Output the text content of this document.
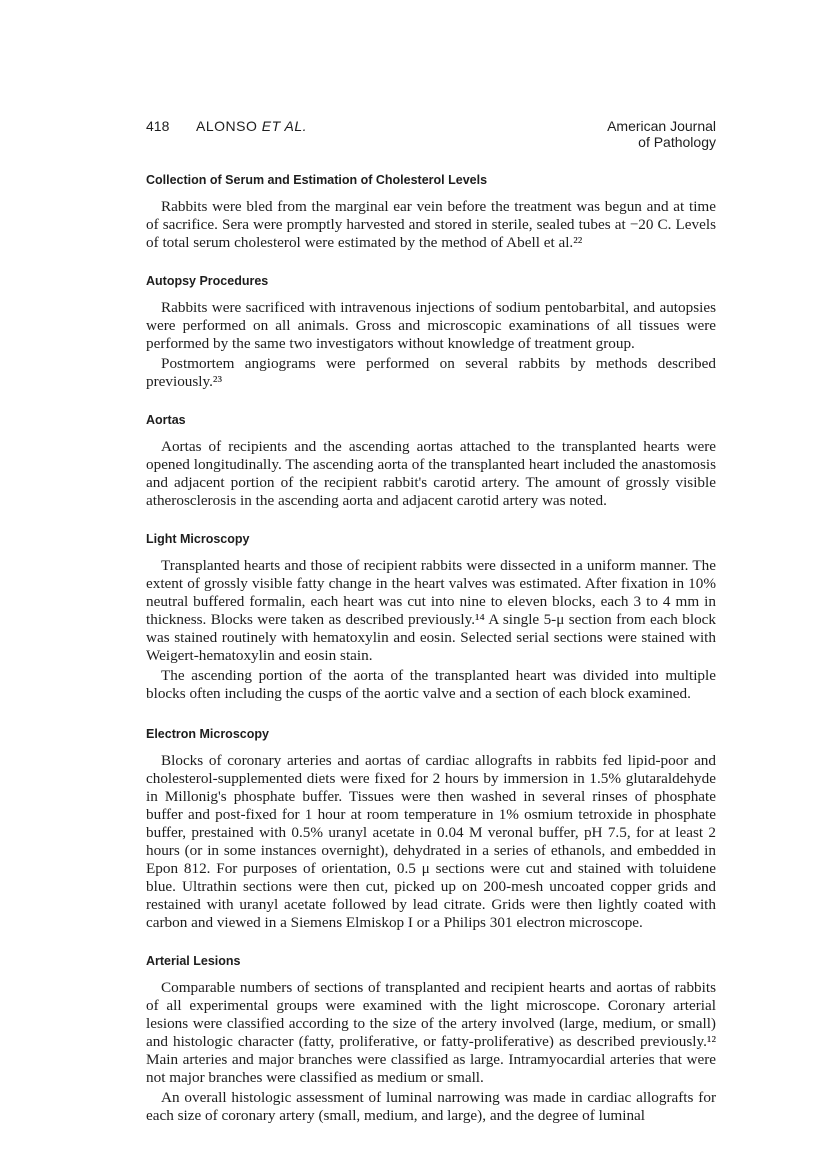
418 ALONSO ET AL.	American Journal
of Pathology
Collection of Serum and Estimation of Cholesterol Levels

Rabbits were bled from the marginal ear vein before the treatment was begun and at time of sacrifice. Sera were promptly harvested and stored in sterile, sealed tubes at −20 C. Levels of total serum cholesterol were estimated by the method of Abell et al.²²

Autopsy Procedures

Rabbits were sacrificed with intravenous injections of sodium pentobarbital, and autopsies were performed on all animals. Gross and microscopic examinations of all tissues were performed by the same two investigators without knowledge of treatment group.

Postmortem angiograms were performed on several rabbits by methods described previously.²³

Aortas

Aortas of recipients and the ascending aortas attached to the transplanted hearts were opened longitudinally. The ascending aorta of the transplanted heart included the anastomosis and adjacent portion of the recipient rabbit's carotid artery. The amount of grossly visible atherosclerosis in the ascending aorta and adjacent carotid artery was noted.

Light Microscopy

Transplanted hearts and those of recipient rabbits were dissected in a uniform manner. The extent of grossly visible fatty change in the heart valves was estimated. After fixation in 10% neutral buffered formalin, each heart was cut into nine to eleven blocks, each 3 to 4 mm in thickness. Blocks were taken as described previously.¹⁴ A single 5-μ section from each block was stained routinely with hematoxylin and eosin. Selected serial sections were stained with Weigert-hematoxylin and eosin stain.

The ascending portion of the aorta of the transplanted heart was divided into multiple blocks often including the cusps of the aortic valve and a section of each block examined.

Electron Microscopy

Blocks of coronary arteries and aortas of cardiac allografts in rabbits fed lipid-poor and cholesterol-supplemented diets were fixed for 2 hours by immersion in 1.5% glutaraldehyde in Millonig's phosphate buffer. Tissues were then washed in several rinses of phosphate buffer and post-fixed for 1 hour at room temperature in 1% osmium tetroxide in phosphate buffer, prestained with 0.5% uranyl acetate in 0.04 M veronal buffer, pH 7.5, for at least 2 hours (or in some instances overnight), dehydrated in a series of ethanols, and embedded in Epon 812. For purposes of orientation, 0.5 μ sections were cut and stained with toluidene blue. Ultrathin sections were then cut, picked up on 200-mesh uncoated copper grids and restained with uranyl acetate followed by lead citrate. Grids were then lightly coated with carbon and viewed in a Siemens Elmiskop I or a Philips 301 electron microscope.

Arterial Lesions

Comparable numbers of sections of transplanted and recipient hearts and aortas of rabbits of all experimental groups were examined with the light microscope. Coronary arterial lesions were classified according to the size of the artery involved (large, medium, or small) and histologic character (fatty, proliferative, or fatty-proliferative) as described previously.¹² Main arteries and major branches were classified as large. Intramyocardial arteries that were not major branches were classified as medium or small.

An overall histologic assessment of luminal narrowing was made in cardiac allografts for each size of coronary artery (small, medium, and large), and the degree of luminal
